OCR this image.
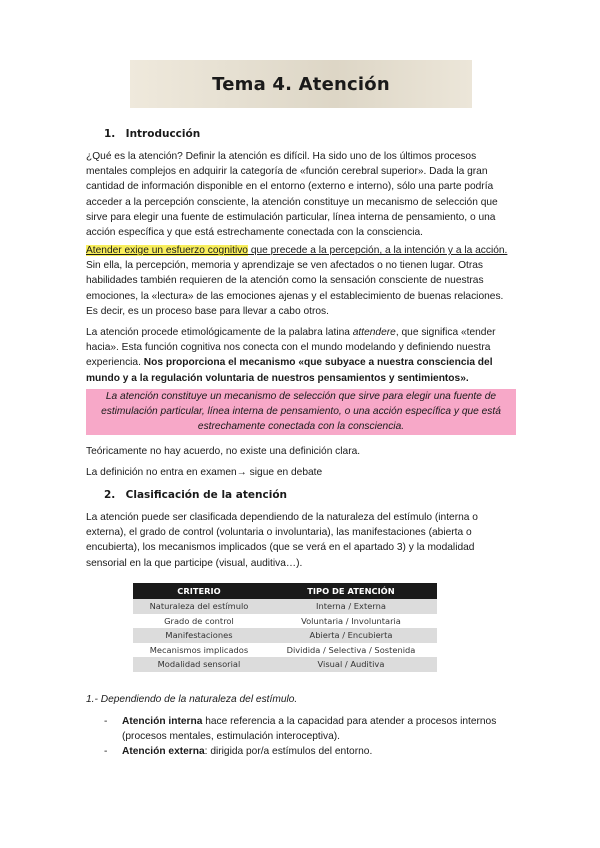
Tema 4. Atención
1. Introducción

¿Qué es la atención? Definir la atención es difícil. Ha sido uno de los últimos procesos mentales complejos en adquirir la categoría de «función cerebral superior». Dada la gran cantidad de información disponible en el entorno (externo e interno), sólo una parte podría acceder a la percepción consciente, la atención constituye un mecanismo de selección que sirve para elegir una fuente de estimulación particular, línea interna de pensamiento, o una acción específica y que está estrechamente conectada con la consciencia.

Atender exige un esfuerzo cognitivo que precede a la percepción, a la intención y a la acción. Sin ella, la percepción, memoria y aprendizaje se ven afectados o no tienen lugar. Otras habilidades también requieren de la atención como la sensación consciente de nuestras emociones, la «lectura» de las emociones ajenas y el establecimiento de buenas relaciones. Es decir, es un proceso base para llevar a cabo otros.

La atención procede etimológicamente de la palabra latina attendere, que significa «tender hacia». Esta función cognitiva nos conecta con el mundo modelando y definiendo nuestra experiencia. Nos proporciona el mecanismo «que subyace a nuestra consciencia del mundo y a la regulación voluntaria de nuestros pensamientos y sentimientos».

La atención constituye un mecanismo de selección que sirve para elegir una fuente de estimulación particular, línea interna de pensamiento, o una acción específica y que está estrechamente conectada con la consciencia.

Teóricamente no hay acuerdo, no existe una definición clara.

La definición no entra en examen→ sigue en debate

2. Clasificación de la atención

La atención puede ser clasificada dependiendo de la naturaleza del estímulo (interna o externa), el grado de control (voluntaria o involuntaria), las manifestaciones (abierta o encubierta), los mecanismos implicados (que se verá en el apartado 3) y la modalidad sensorial en la que participe (visual, auditiva…).

CRITERIO	TIPO DE ATENCIÓN
Naturaleza del estímulo	Interna / Externa
Grado de control	Voluntaria / Involuntaria
Manifestaciones	Abierta / Encubierta
Mecanismos implicados	Dividida / Selectiva / Sostenida
Modalidad sensorial	Visual / Auditiva
1.- Dependiendo de la naturaleza del estímulo.
- Atención interna hace referencia a la capacidad para atender a procesos internos (procesos mentales, estimulación interoceptiva).
- Atención externa: dirigida por/a estímulos del entorno.
